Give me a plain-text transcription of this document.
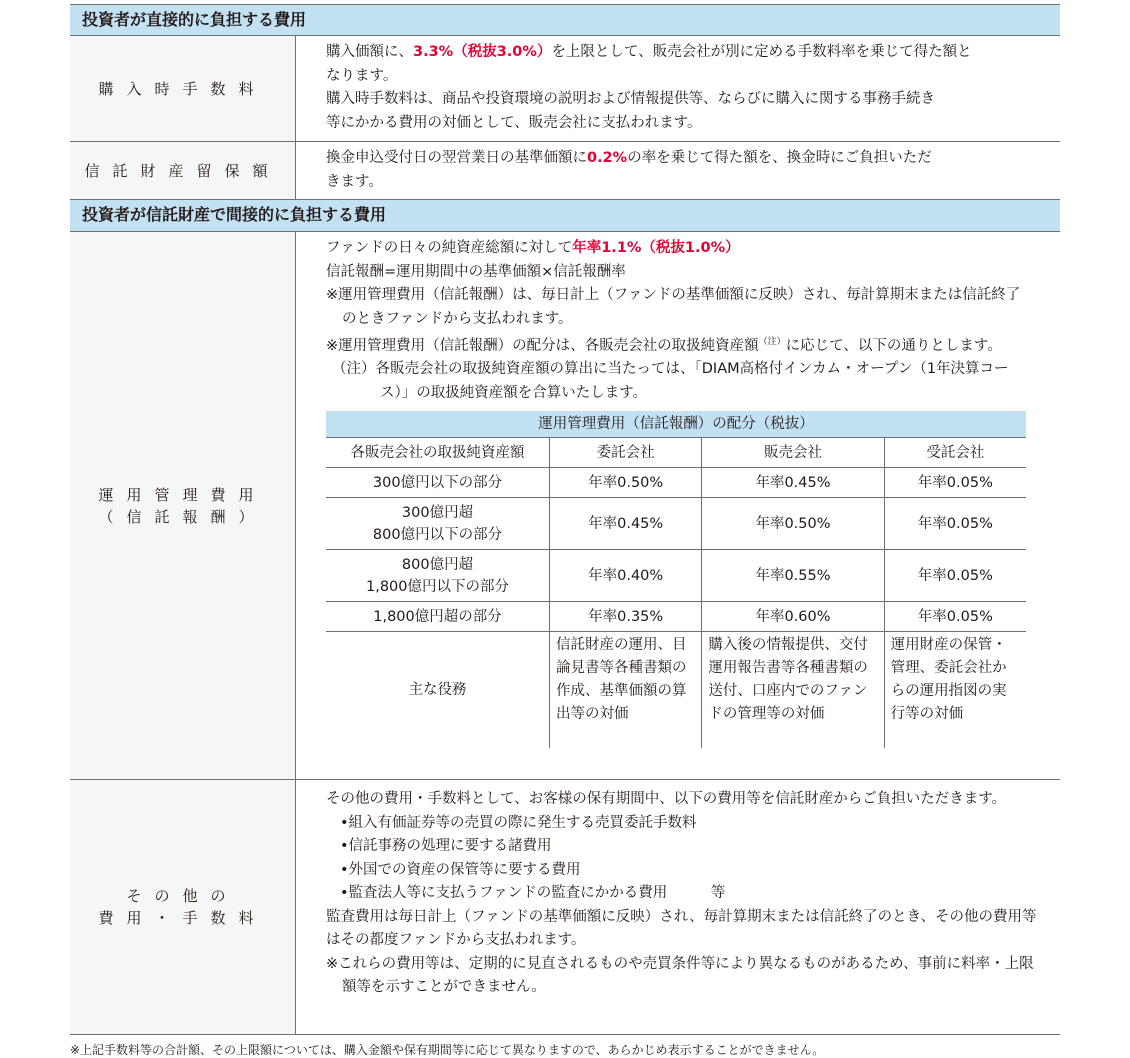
投資者が直接的に負担する費用
購入時手数料

購入価額に、3.3%（税抜3.0%）を上限として、販売会社が別に定める手数料率を乗じて得た額と

なります。

購入時手数料は、商品や投資環境の説明および情報提供等、ならびに購入に関する事務手続き

等にかかる費用の対価として、販売会社に支払われます。

信託財産留保額

換金申込受付日の翌営業日の基準価額に0.2%の率を乗じて得た額を、換金時にご負担いただ

きます。

投資者が信託財産で間接的に負担する費用
運用管理費用
（信託報酬）

ファンドの日々の純資産総額に対して年率1.1%（税抜1.0%）

信託報酬=運用期間中の基準価額×信託報酬率

※運用管理費用（信託報酬）は、毎日計上（ファンドの基準価額に反映）され、毎計算期末または信託終了のときファンドから支払われます。

※運用管理費用（信託報酬）の配分は、各販売会社の取扱純資産額$^{(注)}$に応じて、以下の通りとします。

（注）各販売会社の取扱純資産額の算出に当たっては、「DIAM高格付インカム・オープン（1年決算コース）」の取扱純資産額を合算いたします。

運用管理費用（信託報酬）の配分（税抜）			
各販売会社の取扱純資産額	委託会社	販売会社	受託会社
300億円以下の部分	年率0.50%	年率0.45%	年率0.05%
300億円超
800億円以下の部分	年率0.45%	年率0.50%	年率0.05%
800億円超
1,800億円以下の部分	年率0.40%	年率0.55%	年率0.05%
1,800億円超の部分	年率0.35%	年率0.60%	年率0.05%
主な役務	信託財産の運用、目論見書等各種書類の作成、基準価額の算出等の対価	購入後の情報提供、交付運用報告書等各種書類の送付、口座内でのファンドの管理等の対価	運用財産の保管・管理、委託会社からの運用指図の実行等の対価
その他の
費用・手数料

その他の費用・手数料として、お客様の保有期間中、以下の費用等を信託財産からご負担いただきます。

•組入有価証券等の売買の際に発生する売買委託手数料

•信託事務の処理に要する諸費用

•外国での資産の保管等に要する費用

•監査法人等に支払うファンドの監査にかかる費用　　　等

監査費用は毎日計上（ファンドの基準価額に反映）され、毎計算期末または信託終了のとき、その他の費用等はその都度ファンドから支払われます。

※これらの費用等は、定期的に見直されるものや売買条件等により異なるものがあるため、事前に料率・上限額等を示すことができません。

※上記手数料等の合計額、その上限額については、購入金額や保有期間等に応じて異なりますので、あらかじめ表示することができません。
